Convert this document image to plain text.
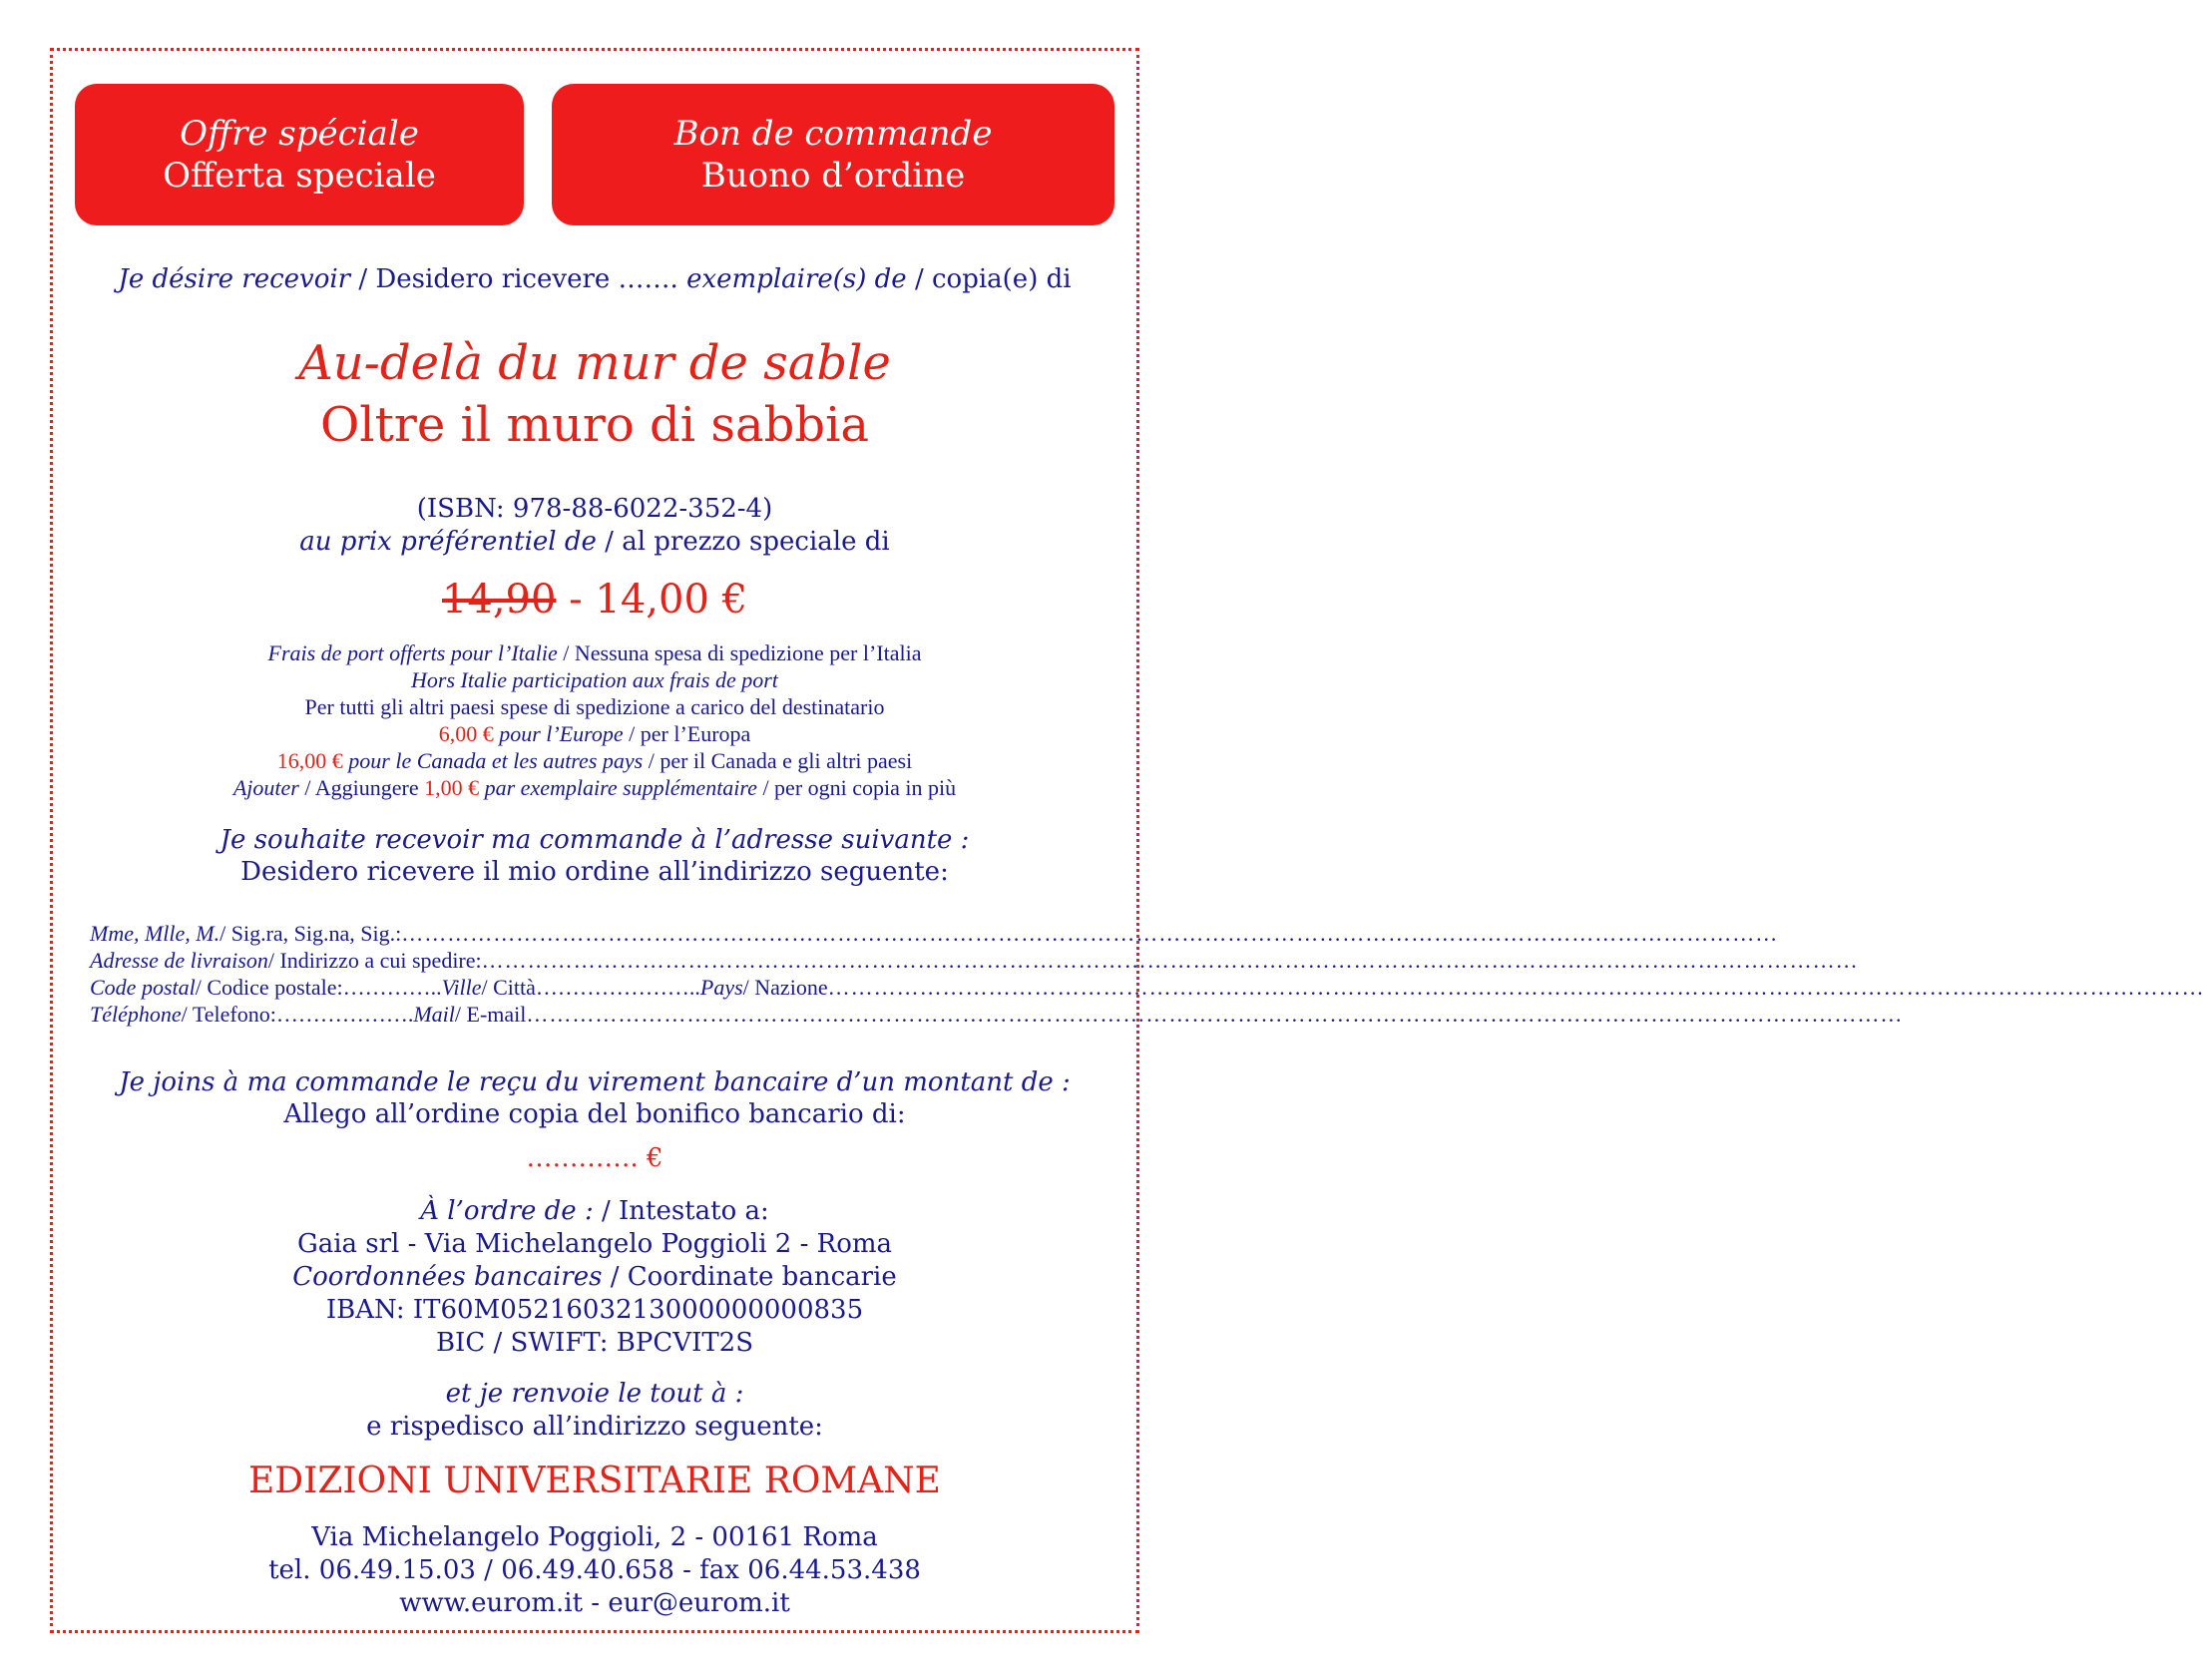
Offre spéciale
Offerta speciale
Bon de commande
Buono d’ordine
Je désire recevoir / Desidero ricevere ……. exemplaire(s) de / copia(e) di
Au-delà du mur de sable
Oltre il muro di sabbia
(ISBN: 978-88-6022-352-4)
au prix préférentiel de / al prezzo speciale di
14,90 - 14,00 €
Frais de port offerts pour l’Italie / Nessuna spesa di spedizione per l’Italia
Hors Italie participation aux frais de port
Per tutti gli altri paesi spese di spedizione a carico del destinatario
6,00 € pour l’Europe / per l’Europa
16,00 € pour le Canada et les autres pays / per il Canada e gli altri paesi
Ajouter / Aggiungere 1,00 € par exemplaire supplémentaire / per ogni copia in più
Je souhaite recevoir ma commande à l’adresse suivante :
Desidero ricevere il mio ordine all’indirizzo seguente:
Mme, Mlle, M. / Sig.ra, Sig.na, Sig.: ………………………………………………………………………………………………………………………………………………………………
Adresse de livraison / Indirizzo a cui spedire: ………………………………………………………………………………………………………………………………………………………………
Code postal / Codice postale: ………….. Ville / Città ………………….. Pays / Nazione ………………………………………………………………………………………………………………………………………………………………
Téléphone / Telefono: ………………. Mail / E-mail ………………………………………………………………………………………………………………………………………………………………
Je joins à ma commande le reçu du virement bancaire d’un montant de :
Allego all’ordine copia del bonifico bancario di:
…………. €
À l’ordre de : / Intestato a:
Gaia srl - Via Michelangelo Poggioli 2 - Roma
Coordonnées bancaires / Coordinate bancarie
IBAN: IT60M0521603213000000000835
BIC / SWIFT: BPCVIT2S
et je renvoie le tout à :
e rispedisco all’indirizzo seguente:
EDIZIONI UNIVERSITARIE ROMANE
Via Michelangelo Poggioli, 2 - 00161 Roma
tel. 06.49.15.03 / 06.49.40.658 - fax 06.44.53.438
www.eurom.it - eur@eurom.it
